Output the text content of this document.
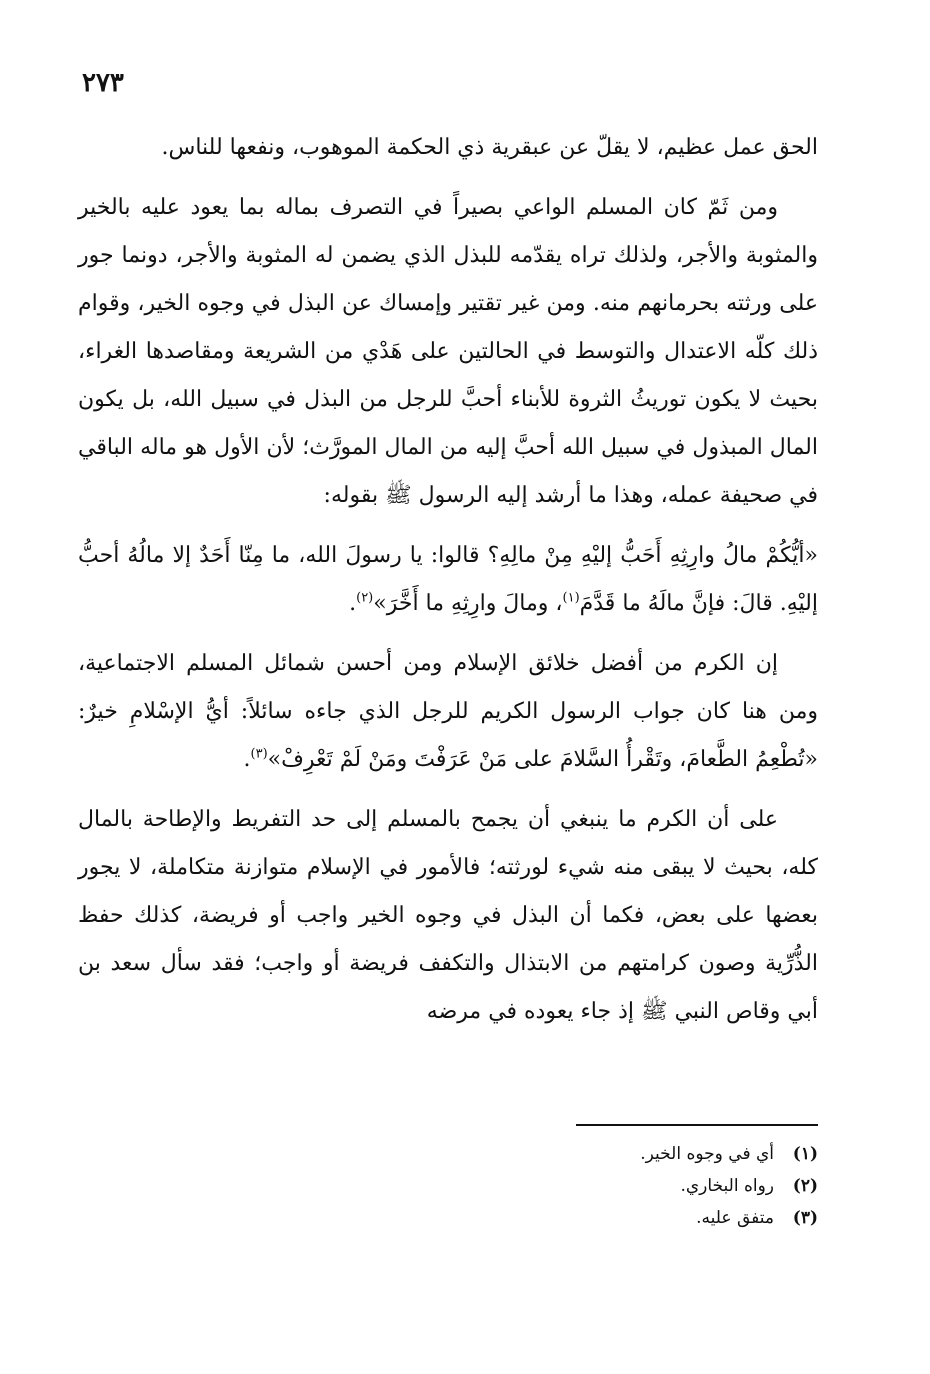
٢٧٣

الحق عمل عظيم، لا يقلّ عن عبقرية ذي الحكمة الموهوب، ونفعها للناس.

ومن ثَمّ كان المسلم الواعي بصيراً في التصرف بماله بما يعود عليه بالخير والمثوبة والأجر، ولذلك تراه يقدّمه للبذل الذي يضمن له المثوبة والأجر، دونما جور على ورثته بحرمانهم منه. ومن غير تقتير وإمساك عن البذل في وجوه الخير، وقوام ذلك كلّه الاعتدال والتوسط في الحالتين على هَدْي من الشريعة ومقاصدها الغراء، بحيث لا يكون توريثُ الثروة للأبناء أحبَّ للرجل من البذل في سبيل الله، بل يكون المال المبذول في سبيل الله أحبَّ إليه من المال المورَّث؛ لأن الأول هو ماله الباقي في صحيفة عمله، وهذا ما أرشد إليه الرسول ﷺ بقوله:

«أيُّكُمْ مالُ وارِثِهِ أَحَبُّ إليْهِ مِنْ مالِهِ؟ قالوا: يا رسولَ الله، ما مِنّا أَحَدٌ إلا مالُهُ أحبُّ إليْهِ. قالَ: فإنَّ مالَهُ ما قَدَّمَ$^{(١)}$، ومالَ وارِثِهِ ما أَخَّرَ»$^{(٢)}$.

إن الكرم من أفضل خلائق الإسلام ومن أحسن شمائل المسلم الاجتماعية، ومن هنا كان جواب الرسول الكريم للرجل الذي جاءه سائلاً: أيُّ الإسْلامِ خيرٌ: «تُطْعِمُ الطَّعامَ، وتَقْرأُ السَّلامَ على مَنْ عَرَفْتَ ومَنْ لَمْ تَعْرِفْ»$^{(٣)}$.

على أن الكرم ما ينبغي أن يجمح بالمسلم إلى حد التفريط والإطاحة بالمال كله، بحيث لا يبقى منه شيء لورثته؛ فالأمور في الإسلام متوازنة متكاملة، لا يجور بعضها على بعض، فكما أن البذل في وجوه الخير واجب أو فريضة، كذلك حفظ الذُّرِّية وصون كرامتهم من الابتذال والتكفف فريضة أو واجب؛ فقد سأل سعد بن أبي وقاص النبي ﷺ إذ جاء يعوده في مرضه

(١)أي في وجوه الخير.
(٢)رواه البخاري.
(٣)متفق عليه.
